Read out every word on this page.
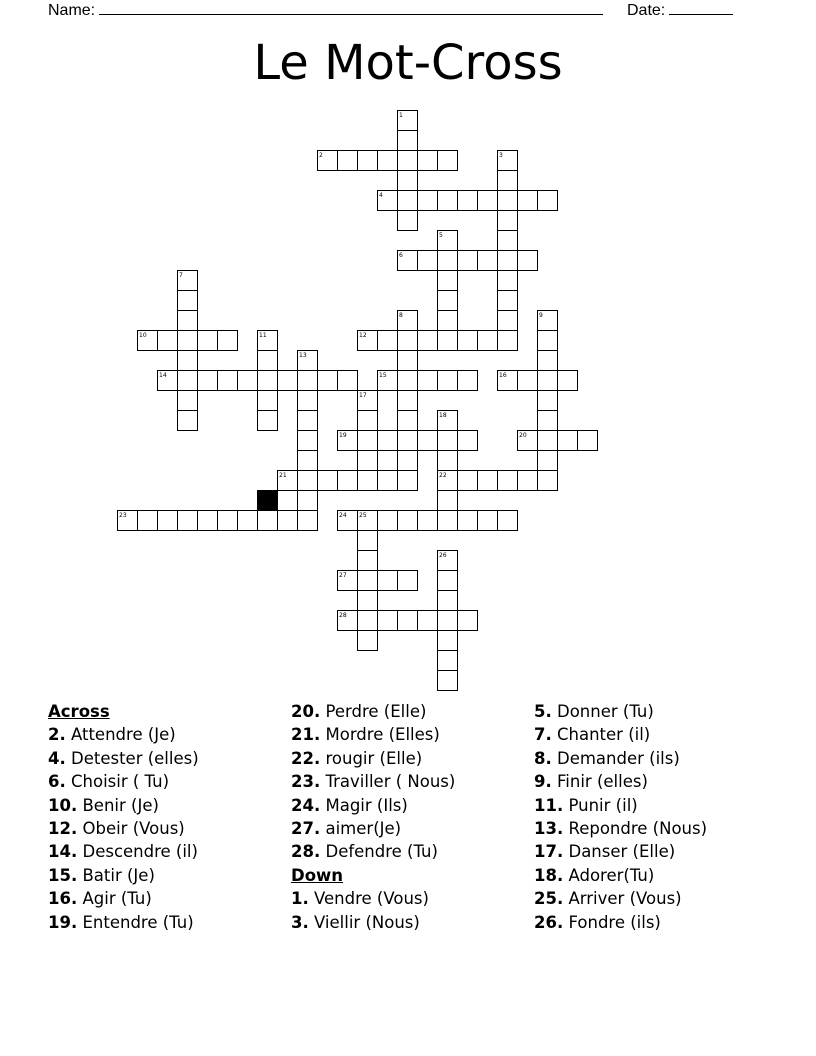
Name:	Date:
Le Mot-Cross
1
2	3
4
5
6
7
8	9
10	11	12
13
14	15	16
17
18
19	20
21	22
23	24 25
26
27
28
Across
2. Attendre (Je)
4. Detester (elles)
6. Choisir ( Tu)
10. Benir (Je)
12. Obeir (Vous)
14. Descendre (il)
15. Batir (Je)
16. Agir (Tu)
19. Entendre (Tu)
20. Perdre (Elle)
21. Mordre (Elles)
22. rougir (Elle)
23. Traviller ( Nous)
24. Magir (Ils)
27. aimer(Je)
28. Defendre (Tu)
Down
1. Vendre (Vous)
3. Viellir (Nous)
5. Donner (Tu)
7. Chanter (il)
8. Demander (ils)
9. Finir (elles)
11. Punir (il)
13. Repondre (Nous)
17. Danser (Elle)
18. Adorer(Tu)
25. Arriver (Vous)
26. Fondre (ils)
